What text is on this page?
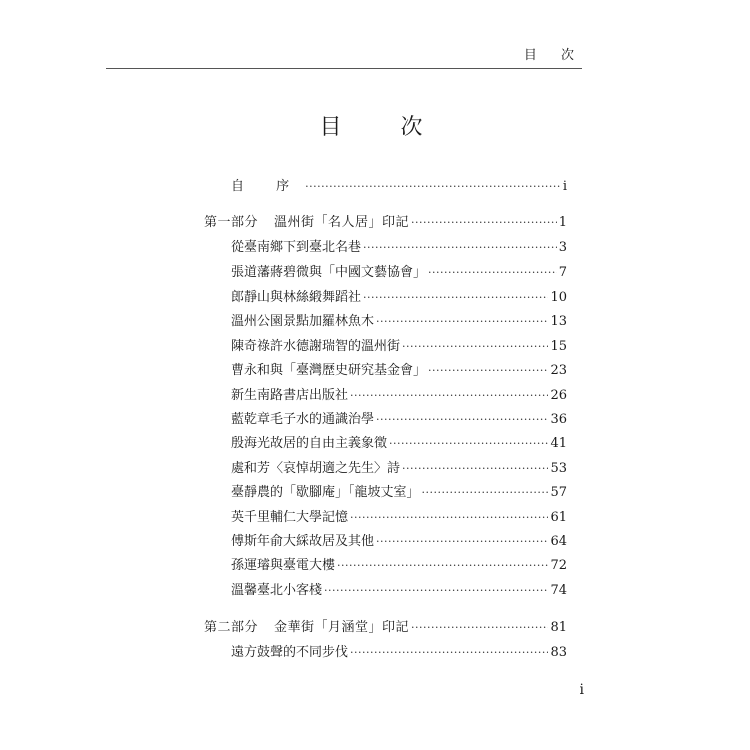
目 次
目 次
自 序 ·····	i
第一部分 溫州街「名人居」印記 ·····	1
從臺南鄉下到臺北名巷 ·····	3
張道藩蔣碧微與「中國文藝協會」 ·····	7
郎靜山與林絲緞舞蹈社 ·····	10
溫州公園景點加羅林魚木 ·····	13
陳奇祿許水德謝瑞智的溫州街 ·····	15
曹永和與「臺灣歷史研究基金會」 ·····	23
新生南路書店出版社 ·····	26
藍乾章毛子水的通識治學 ·····	36
殷海光故居的自由主義象徵 ·····	41
處和芳〈哀悼胡適之先生〉詩 ·····	53
臺靜農的「歇腳庵」「龍坡丈室」 ·····	57
英千里輔仁大學記憶 ·····	61
傅斯年俞大綵故居及其他 ·····	64
孫運璿與臺電大樓 ·····	72
溫馨臺北小客棧 ·····	74
第二部分 金華街「月涵堂」印記 ·····	81
遠方鼓聲的不同步伐 ·····	83
i
